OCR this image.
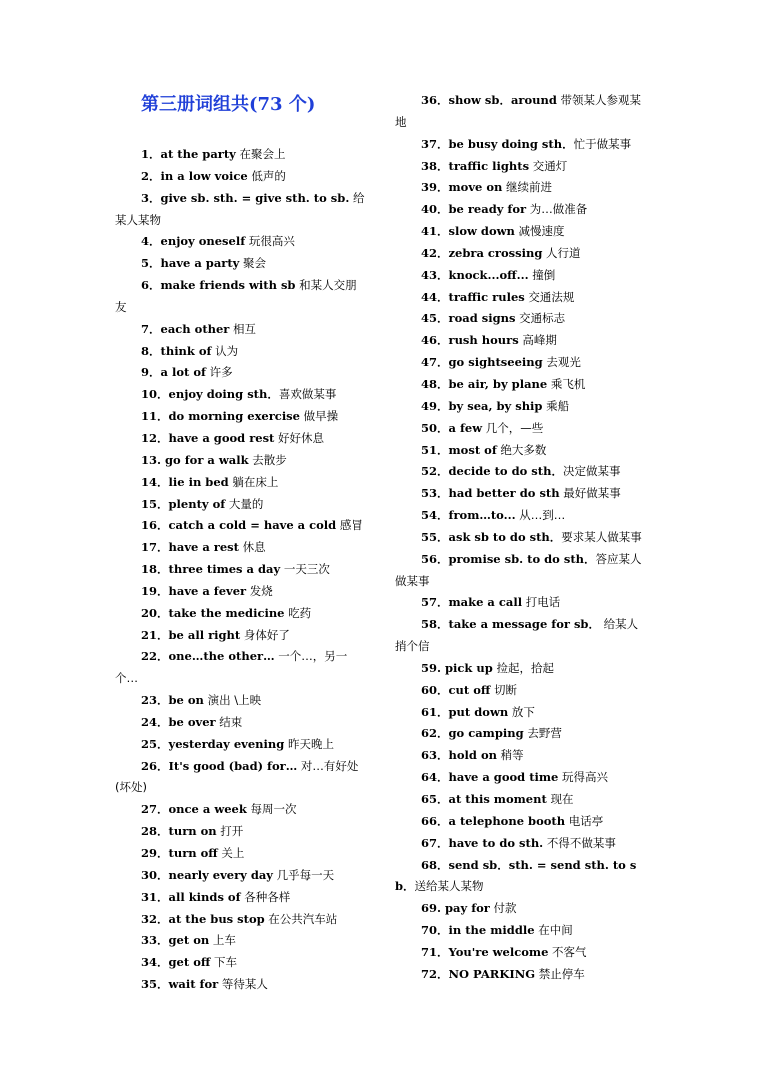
第三册词组共(73 个)
1．at the party 在聚会上
2．in a low voice 低声的
3．give sb. sth. = give sth. to sb. 给某人某物
4．enjoy oneself 玩很高兴
5．have a party 聚会
6．make friends with sb 和某人交朋友
7．each other 相互
8．think of 认为
9．a lot of 许多
10．enjoy doing sth．喜欢做某事
11．do morning exercise 做早操
12．have a good rest 好好休息
13. go for a walk 去散步
14．lie in bed 躺在床上
15．plenty of 大量的
16．catch a cold = have a cold 感冒
17．have a rest 休息
18．three times a day 一天三次
19．have a fever 发烧
20．take the medicine 吃药
21．be all right 身体好了
22．one…the other… 一个…，另一个…
23．be on 演出 \上映
24．be over 结束
25．yesterday evening 昨天晚上
26．It's good (bad) for… 对…有好处(坏处)
27．once a week 每周一次
28．turn on 打开
29．turn off 关上
30．nearly every day 几乎每一天
31．all kinds of 各种各样
32．at the bus stop 在公共汽车站
33．get on 上车
34．get off 下车
35．wait for 等待某人
36．show sb．around 带领某人参观某地
37．be busy doing sth．忙于做某事
38．traffic lights 交通灯
39．move on 继续前进
40．be ready for 为…做准备
41．slow down 减慢速度
42．zebra crossing 人行道
43．knock...off... 撞倒
44．traffic rules 交通法规
45．road signs 交通标志
46．rush hours 高峰期
47．go sightseeing 去观光
48．be air, by plane 乘飞机
49．by sea, by ship 乘船
50．a few 几个，—些
51．most of 绝大多数
52．decide to do sth．决定做某事
53．had better do sth 最好做某事
54．from…to... 从…到…
55．ask sb to do sth．要求某人做某事
56．promise sb. to do sth．答应某人做某事
57．make a call 打电话
58．take a message for sb． 给某人捎个信
59. pick up 捡起，拾起
60．cut off 切断
61．put down 放下
62．go camping 去野营
63．hold on 稍等
64．have a good time 玩得高兴
65．at this moment 现在
66．a telephone booth 电话亭
67．have to do sth. 不得不做某事
68．send sb．sth. = send sth. to sb．送给某人某物
69. pay for 付款
70．in the middle 在中间
71．You're welcome 不客气
72．NO PARKING 禁止停车
